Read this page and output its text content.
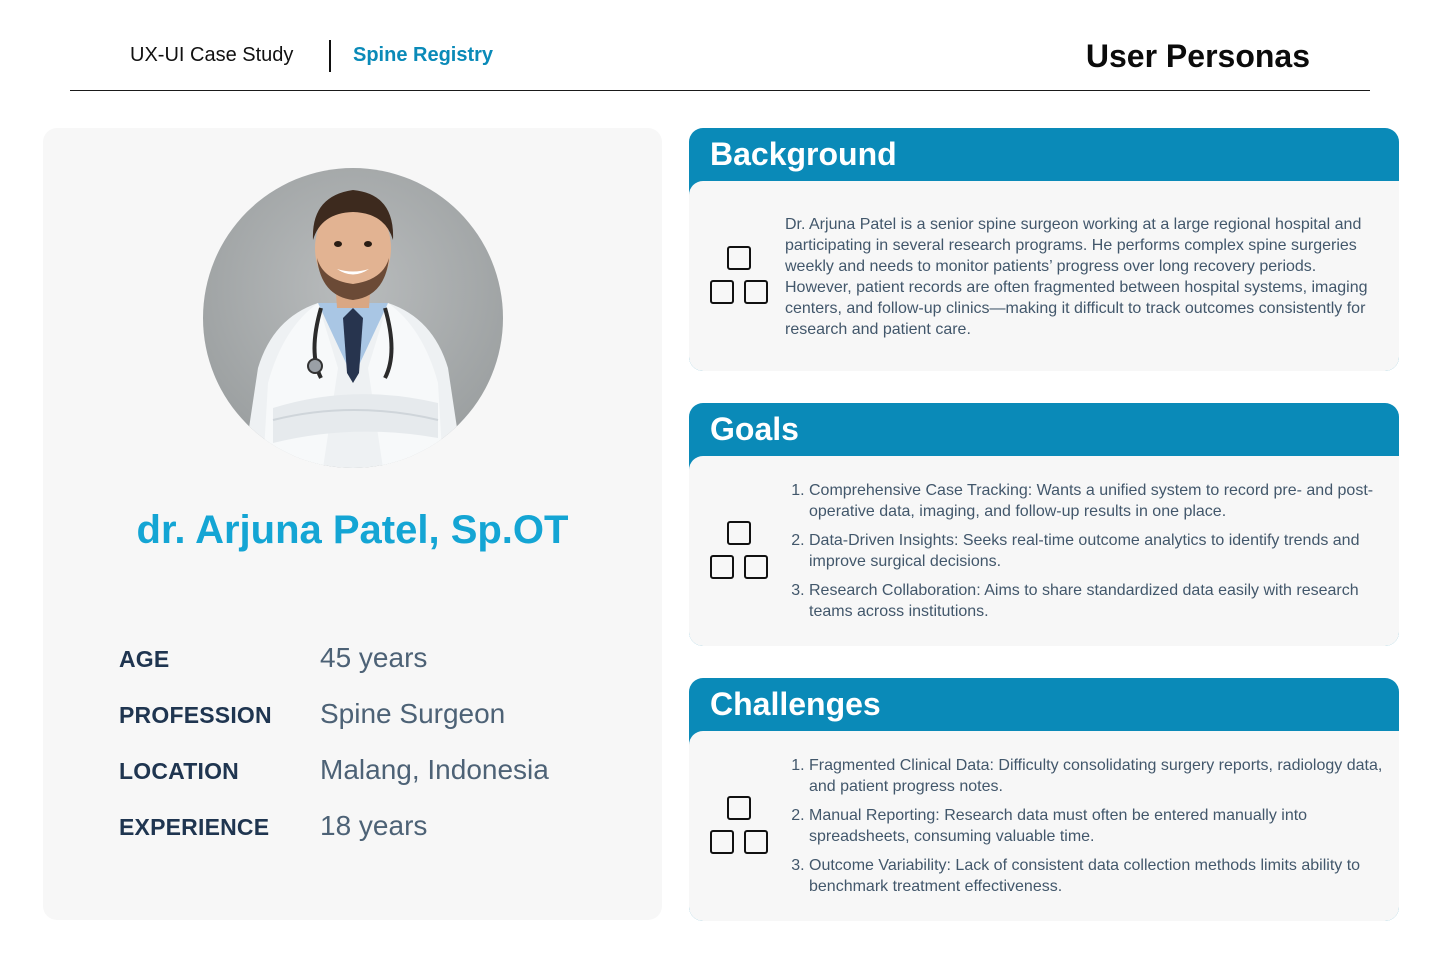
UX-UI Case Study	Spine Registry	User Personas
dr. Arjuna Patel, Sp.OT
AGE	45 years
PROFESSION Spine Surgeon
LOCATION	Malang, Indonesia
EXPERIENCE 18 years
Background
Dr. Arjuna Patel is a senior spine surgeon working at a large regional hospital and participating in several research programs. He performs complex spine surgeries weekly and needs to monitor patients’ progress over long recovery periods. However, patient records are often fragmented between hospital systems, imaging centers, and follow-up clinics—making it difficult to track outcomes consistently for research and patient care.
Goals
1. Comprehensive Case Tracking: Wants a unified system to record pre- and post-operative data, imaging, and follow-up results in one place.
2. Data-Driven Insights: Seeks real-time outcome analytics to identify trends and improve surgical decisions.
3. Research Collaboration: Aims to share standardized data easily with research teams across institutions.
Challenges
1. Fragmented Clinical Data: Difficulty consolidating surgery reports, radiology data, and patient progress notes.
2. Manual Reporting: Research data must often be entered manually into spreadsheets, consuming valuable time.
3. Outcome Variability: Lack of consistent data collection methods limits ability to benchmark treatment effectiveness.
